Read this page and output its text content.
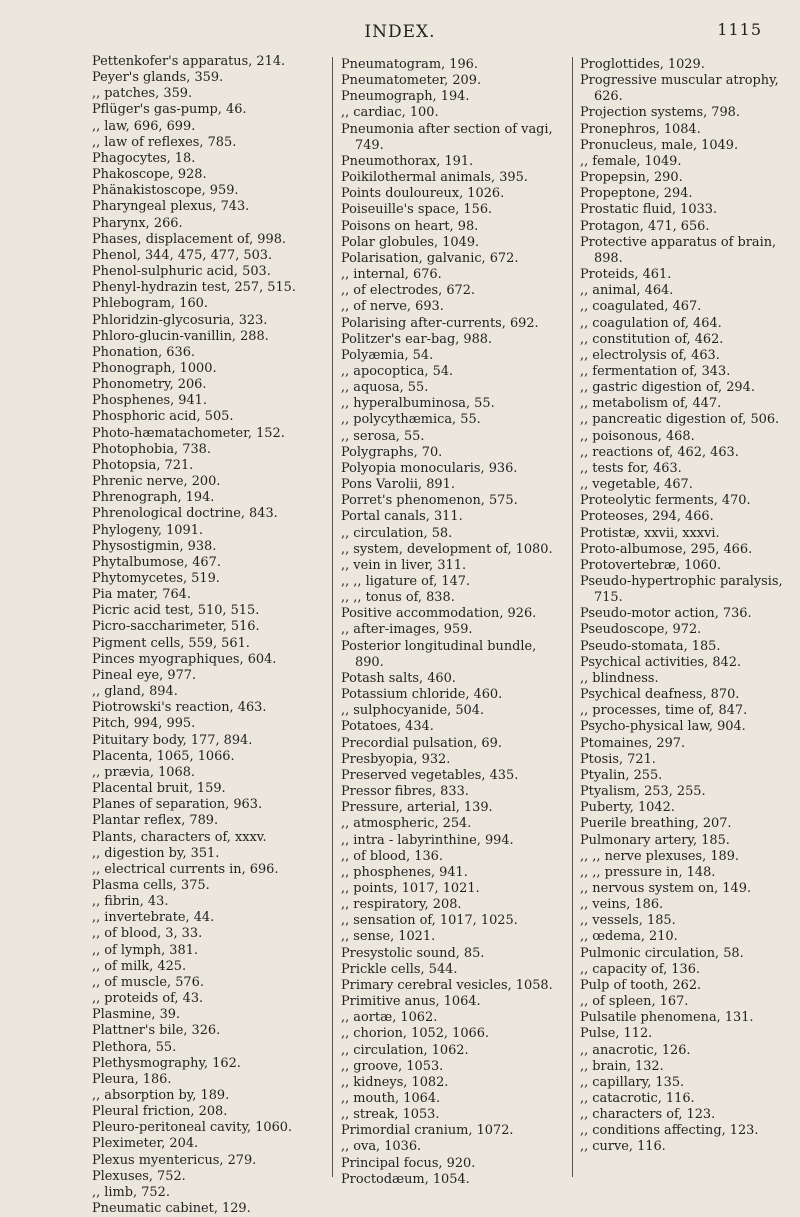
INDEX.	1115
Pettenkofer's apparatus, 214.
Peyer's glands, 359.
,, patches, 359.
Pflüger's gas-pump, 46.
,, law, 696, 699.
,, law of reflexes, 785.
Phagocytes, 18.
Phakoscope, 928.
Phänakistoscope, 959.
Pharyngeal plexus, 743.
Pharynx, 266.
Phases, displacement of, 998.
Phenol, 344, 475, 477, 503.
Phenol-sulphuric acid, 503.
Phenyl-hydrazin test, 257, 515.
Phlebogram, 160.
Phloridzin-glycosuria, 323.
Phloro-glucin-vanillin, 288.
Phonation, 636.
Phonograph, 1000.
Phonometry, 206.
Phosphenes, 941.
Phosphoric acid, 505.
Photo-hæmatachometer, 152.
Photophobia, 738.
Photopsia, 721.
Phrenic nerve, 200.
Phrenograph, 194.
Phrenological doctrine, 843.
Phylogeny, 1091.
Physostigmin, 938.
Phytalbumose, 467.
Phytomycetes, 519.
Pia mater, 764.
Picric acid test, 510, 515.
Picro-saccharimeter, 516.
Pigment cells, 559, 561.
Pinces myographiques, 604.
Pineal eye, 977.
,, gland, 894.
Piotrowski's reaction, 463.
Pitch, 994, 995.
Pituitary body, 177, 894.
Placenta, 1065, 1066.
,, prævia, 1068.
Placental bruit, 159.
Planes of separation, 963.
Plantar reflex, 789.
Plants, characters of, xxxv.
,, digestion by, 351.
,, electrical currents in, 696.
Plasma cells, 375.
,, fibrin, 43.
,, invertebrate, 44.
,, of blood, 3, 33.
,, of lymph, 381.
,, of milk, 425.
,, of muscle, 576.
,, proteids of, 43.
Plasmine, 39.
Plattner's bile, 326.
Plethora, 55.
Plethysmography, 162.
Pleura, 186.
,, absorption by, 189.
Pleural friction, 208.
Pleuro-peritoneal cavity, 1060.
Pleximeter, 204.
Plexus myentericus, 279.
Plexuses, 752.
,, limb, 752.
Pneumatic cabinet, 129.
Pneumatogram, 196.
Pneumatometer, 209.
Pneumograph, 194.
,, cardiac, 100.
Pneumonia after section of vagi, 749.
Pneumothorax, 191.
Poikilothermal animals, 395.
Points douloureux, 1026.
Poiseuille's space, 156.
Poisons on heart, 98.
Polar globules, 1049.
Polarisation, galvanic, 672.
,, internal, 676.
,, of electrodes, 672.
,, of nerve, 693.
Polarising after-currents, 692.
Politzer's ear-bag, 988.
Polyæmia, 54.
,, apocoptica, 54.
,, aquosa, 55.
,, hyperalbuminosa, 55.
,, polycythæmica, 55.
,, serosa, 55.
Polygraphs, 70.
Polyopia monocularis, 936.
Pons Varolii, 891.
Porret's phenomenon, 575.
Portal canals, 311.
,, circulation, 58.
,, system, development of, 1080.
,, vein in liver, 311.
,, ,, ligature of, 147.
,, ,, tonus of, 838.
Positive accommodation, 926.
,, after-images, 959.
Posterior longitudinal bundle, 890.
Potash salts, 460.
Potassium chloride, 460.
,, sulphocyanide, 504.
Potatoes, 434.
Precordial pulsation, 69.
Presbyopia, 932.
Preserved vegetables, 435.
Pressor fibres, 833.
Pressure, arterial, 139.
,, atmospheric, 254.
,, intra - labyrinthine, 994.
,, of blood, 136.
,, phosphenes, 941.
,, points, 1017, 1021.
,, respiratory, 208.
,, sensation of, 1017, 1025.
,, sense, 1021.
Presystolic sound, 85.
Prickle cells, 544.
Primary cerebral vesicles, 1058.
Primitive anus, 1064.
,, aortæ, 1062.
,, chorion, 1052, 1066.
,, circulation, 1062.
,, groove, 1053.
,, kidneys, 1082.
,, mouth, 1064.
,, streak, 1053.
Primordial cranium, 1072.
,, ova, 1036.
Principal focus, 920.
Proctodæum, 1054.
Proglottides, 1029.
Progressive muscular atrophy, 626.
Projection systems, 798.
Pronephros, 1084.
Pronucleus, male, 1049.
,, female, 1049.
Propepsin, 290.
Propeptone, 294.
Prostatic fluid, 1033.
Protagon, 471, 656.
Protective apparatus of brain, 898.
Proteids, 461.
,, animal, 464.
,, coagulated, 467.
,, coagulation of, 464.
,, constitution of, 462.
,, electrolysis of, 463.
,, fermentation of, 343.
,, gastric digestion of, 294.
,, metabolism of, 447.
,, pancreatic digestion of, 506.
,, poisonous, 468.
,, reactions of, 462, 463.
,, tests for, 463.
,, vegetable, 467.
Proteolytic ferments, 470.
Proteoses, 294, 466.
Protistæ, xxvii, xxxvi.
Proto-albumose, 295, 466.
Protovertebræ, 1060.
Pseudo-hypertrophic paralysis, 715.
Pseudo-motor action, 736.
Pseudoscope, 972.
Pseudo-stomata, 185.
Psychical activities, 842.
,, blindness.
Psychical deafness, 870.
,, processes, time of, 847.
Psycho-physical law, 904.
Ptomaines, 297.
Ptosis, 721.
Ptyalin, 255.
Ptyalism, 253, 255.
Puberty, 1042.
Puerile breathing, 207.
Pulmonary artery, 185.
,, ,, nerve plexuses, 189.
,, ,, pressure in, 148.
,, nervous system on, 149.
,, veins, 186.
,, vessels, 185.
,, œdema, 210.
Pulmonic circulation, 58.
,, capacity of, 136.
Pulp of tooth, 262.
,, of spleen, 167.
Pulsatile phenomena, 131.
Pulse, 112.
,, anacrotic, 126.
,, brain, 132.
,, capillary, 135.
,, catacrotic, 116.
,, characters of, 123.
,, conditions affecting, 123.
,, curve, 116.
